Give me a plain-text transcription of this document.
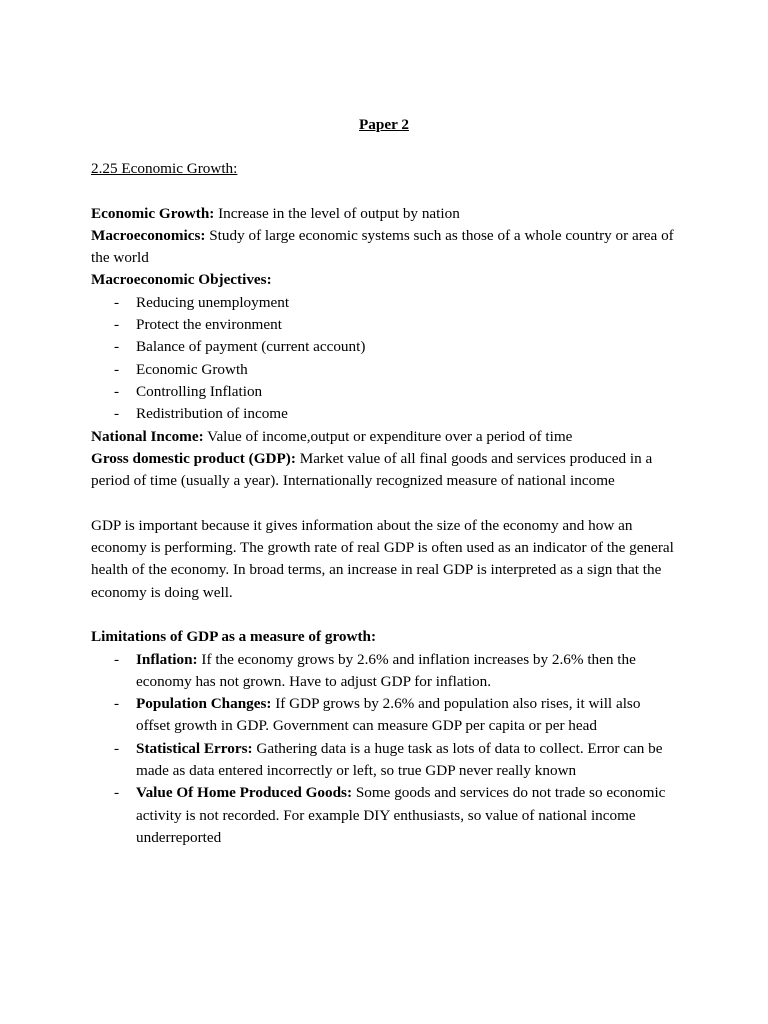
Paper 2

2.25 Economic Growth:

Economic Growth: Increase in the level of output by nation

Macroeconomics: Study of large economic systems such as those of a whole country or area of the world

Macroeconomic Objectives:

- Reducing unemployment
- Protect the environment
- Balance of payment (current account)
- Economic Growth
- Controlling Inflation
- Redistribution of income

National Income: Value of income,output or expenditure over a period of time

Gross domestic product (GDP): Market value of all final goods and services produced in a period of time (usually a year). Internationally recognized measure of national income

GDP is important because it gives information about the size of the economy and how an economy is performing. The growth rate of real GDP is often used as an indicator of the general health of the economy. In broad terms, an increase in real GDP is interpreted as a sign that the economy is doing well.

Limitations of GDP as a measure of growth:

- Inflation: If the economy grows by 2.6% and inflation increases by 2.6% then the economy has not grown. Have to adjust GDP for inflation.
- Population Changes: If GDP grows by 2.6% and population also rises, it will also offset growth in GDP. Government can measure GDP per capita or per head
- Statistical Errors: Gathering data is a huge task as lots of data to collect. Error can be made as data entered incorrectly or left, so true GDP never really known
- Value Of Home Produced Goods: Some goods and services do not trade so economic activity is not recorded. For example DIY enthusiasts, so value of national income underreported
